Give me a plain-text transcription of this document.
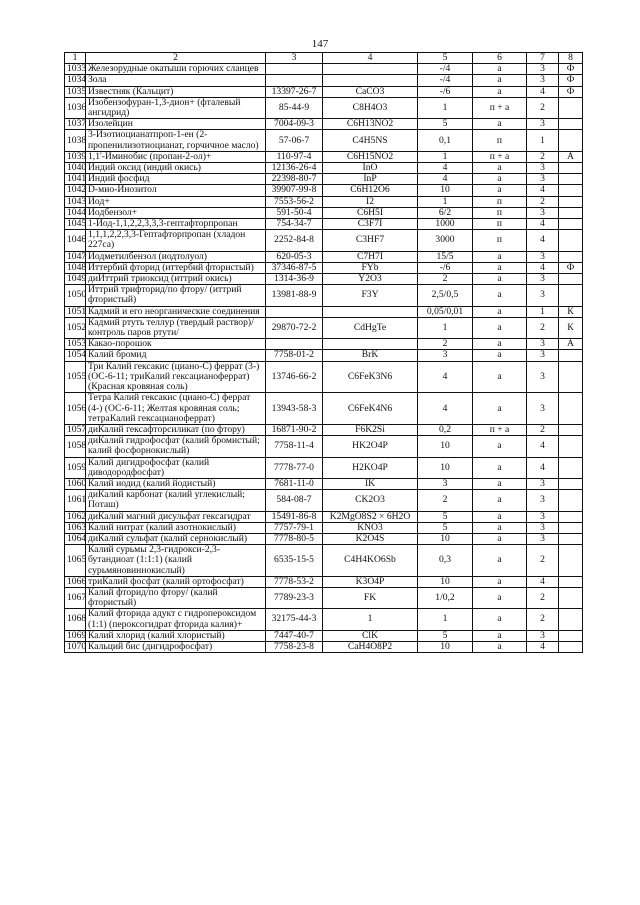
147
1	2	3	4	5	6	7	8
1033	Железорудные окатыши горючих сланцев			-/4	а	3	Ф
1034	Зола			-/4	а	3	Ф
1035	Известняк (Кальцит)	13397-26-7	CaCO3	-/6	а	4	Ф
1036	Изобензофуран-1,3-дион+ (фталевый ангидрид)	85-44-9	C8H4O3	1	п + а	2	
1037	Изолейцин	7004-09-3	C6H13NO2	5	а	3	
1038	3-Изотиоцианатпроп-1-ен (2-пропенилизотиоцианат, горчичное масло)	57-06-7	C4H5NS	0,1	п	1	
1039	1,1'-Иминобис (пропан-2-ол)+	110-97-4	C6H15NO2	1	п + а	2	А
1040	Индий оксид (индий окись)	12136-26-4	InO	4	а	3	
1041	Индий фосфид	22398-80-7	InP	4	а	3	
1042	D-мио-Инозитол	39907-99-8	C6H12O6	10	а	4	
1043	Иод+	7553-56-2	I2	1	п	2	
1044	Иодбензол+	591-50-4	C6H5I	6/2	п	3	
1045	1-Иод-1,1,2,2,3,3,3-гептафторпропан	754-34-7	C3F7I	1000	п	4	
1046	1,1,1,2,2,3,3-Гептафторпропан (хладон 227са)	2252-84-8	C3HF7	3000	п	4	
1047	Иодметилбензол (иодтолуол)	620-05-3	C7H7I	15/5	а	3	
1048	Иттербий фторид (иттербий фтористый)	37346-87-5	FYb	-/6	а	4	Ф
1049	диИттрий триоксид (иттрий окись)	1314-36-9	Y2O3	2	а	3	
1050	Иттрий трифторид/по фтору/ (иттрий фтористый)	13981-88-9	F3Y	2,5/0,5	а	3	
1051	Кадмий и его неорганические соединения			0,05/0,01	а	1	К
1052	Кадмий ртуть теллур (твердый раствор)/контроль паров ртути/	29870-72-2	CdHgTe	1	а	2	К
1053	Какао-порошок			2	а	3	А
1054	Калий бромид	7758-01-2	BrK	3	а	3	
1055	Три Калий гексакис (циано-С) феррат (3-) (ОС-6-11; триКалий гексацианоферрат) (Красная кровяная соль)	13746-66-2	C6FeK3N6	4	а	3	
1056	Тетра Калий гексакис (циано-С) феррат (4-) (ОС-6-11; Желтая кровяная соль; тетраКалий гексацианоферрат)	13943-58-3	C6FeK4N6	4	а	3	
1057	диКалий гексафторсиликат (по фтору)	16871-90-2	F6K2Si	0,2	п + а	2	
1058	диКалий гидрофосфат (калий бромистый; калий фосфорнокислый)	7758-11-4	HK2O4P	10	а	4	
1059	Калий дигидрофосфат (калий диводородфосфат)	7778-77-0	H2KO4P	10	а	4	
1060	Калий иодид (калий йодистый)	7681-11-0	IK	3	а	3	
1061	диКалий карбонат (калий углекислый; Поташ)	584-08-7	CK2O3	2	а	3	
1062	диКалий магний дисульфат гексагидрат	15491-86-8	K2MgO8S2 × 6H2O	5	а	3	
1063	Калий нитрат (калий азотнокислый)	7757-79-1	KNO3	5	а	3	
1064	диКалий сульфат (калий сернокислый)	7778-80-5	K2O4S	10	а	3	
1065	Калий сурьмы 2,3-гидрокси-2,3-бутандиоат (1:1:1) (калий сурьмяновиннокислый)	6535-15-5	C4H4KO6Sb	0,3	а	2	
1066	триКалий фосфат (калий ортофосфат)	7778-53-2	K3O4P	10	а	4	
1067	Калий фторид/по фтору/ (калий фтористый)	7789-23-3	FK	1/0,2	а	2	
1068	Калий фторида адукт с гидропероксидом (1:1) (пероксогидрат фторида калия)+	32175-44-3	1	1	а	2	
1069	Калий хлорид (калий хлористый)	7447-40-7	ClK	5	а	3	
1070	Кальций бис (дигидрофосфат)	7758-23-8	CaH4O8P2	10	а	4	
